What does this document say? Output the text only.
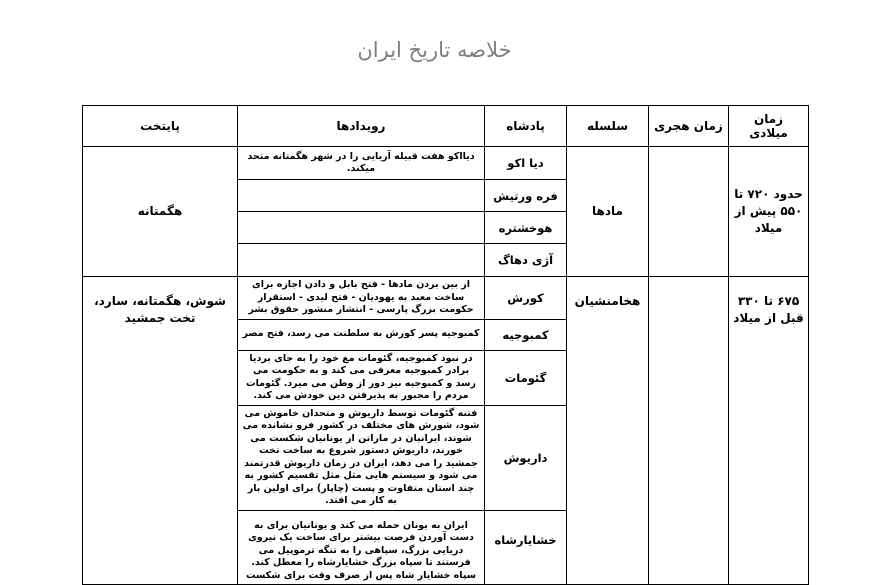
خلاصه تاریخ ایران
زمان میلادی	زمان هجری	سلسله	پادشاه	رویدادها	پایتخت
حدود ۷۲۰ تا ۵۵۰ پیش از میلاد		مادها	دیا اکو	دیااکو هفت قبیله آریایی را در شهر هگمتانه متحد میکند.	هگمتانه
			فره ورتیش		
			هوخشتره		
			آژی دهاگ		
۶۷۵ تا ۳۳۰ قبل از میلاد		هخامنشیان	کورش	از بین بردن مادها - فتح بابل و دادن اجازه برای ساخت معبد به یهودیان - فتح لیدی - استقرار حکومت بزرگ پارسی - انتشار منشور حقوق بشر	شوش، هگمتانه، سارد، تخت جمشید
			کمبوجیه	کمبوجیه پسر کورش به سلطنت می رسد، فتح مصر	
			گئومات	در نبود کمبوجیه، گئومات مغ خود را به جای بردیا برادر کمبوجیه معرفی می کند و به حکومت می رسد و کمبوجیه نیز دور از وطن می میرد. گئومات مردم را مجبور به پذیرفتن دین خودش می کند.	
			داریوش	فتنه گئومات توسط داریوش و متحدان خاموش می شود، شورش های مختلف در کشور فرو نشانده می شوند، ایرانیان در ماراتن از یونانیان شکست می خورند، داریوش دستور شروع به ساخت تخت جمشید را می دهد، ایران در زمان داریوش قدرتمند می شود و سیستم هایی مثل مثل تقسیم کشور به چند استان متفاوت و پست (چاپار) برای اولین بار به کار می افتد.	
			خشایارشاه	ایران به یونان حمله می کند و یونانیان برای به دست آوردن فرصت بیشتر برای ساخت یک نیروی دریایی بزرگ، سپاهی را به تنگه ترموپیل می فرستند تا سپاه بزرگ خشایارشاه را معطل کند. سپاه خشایار شاه پس از صرف وقت برای شکست	
